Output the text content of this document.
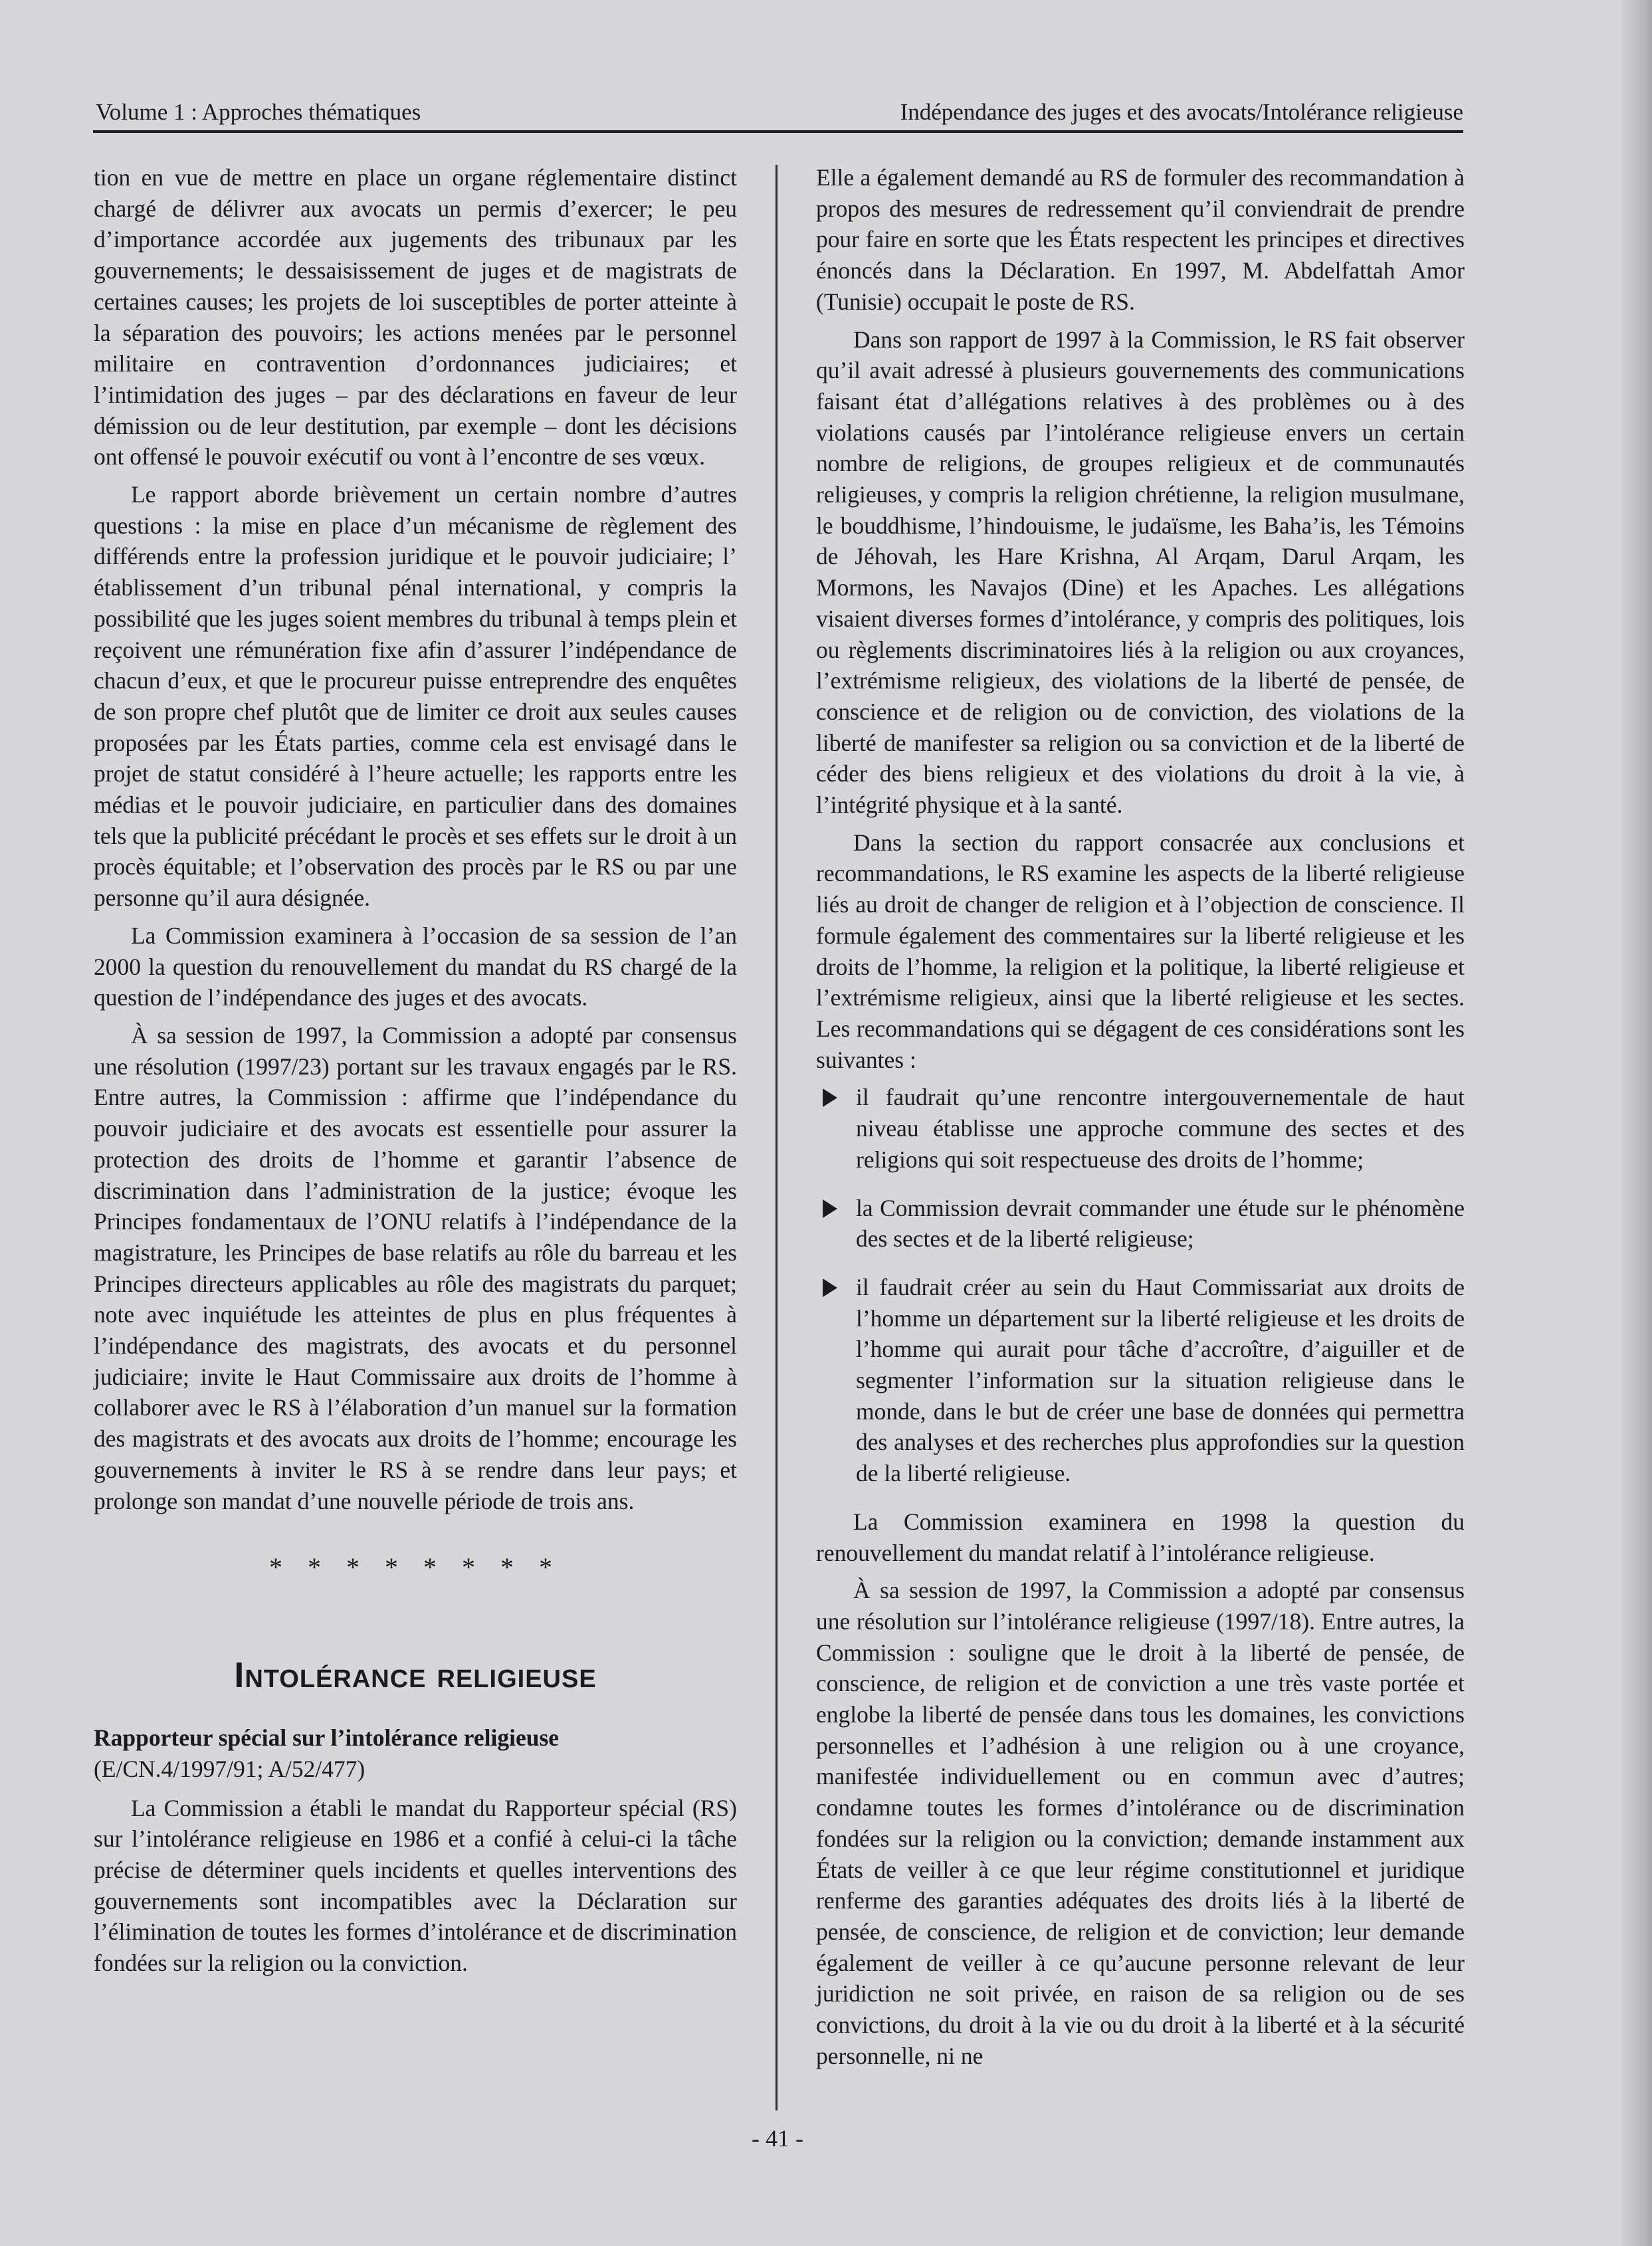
Volume 1 : Approches thématiques	Indépendance des juges et des avocats/Intolérance religieuse

tion en vue de mettre en place un organe réglementaire distinct chargé de délivrer aux avocats un permis d’exercer; le peu d’importance accordée aux jugements des tribunaux par les gouvernements; le dessaisissement de juges et de magistrats de certaines causes; les projets de loi susceptibles de porter atteinte à la séparation des pouvoirs; les actions menées par le personnel militaire en contravention d’ordonnances judiciaires; et l’intimidation des juges – par des déclarations en faveur de leur démission ou de leur destitution, par exemple – dont les décisions ont offensé le pouvoir exécutif ou vont à l’encontre de ses vœux.

Le rapport aborde brièvement un certain nombre d’autres questions : la mise en place d’un mécanisme de règlement des différends entre la profession juridique et le pouvoir judiciaire; l’ établissement d’un tribunal pénal international, y compris la possibilité que les juges soient membres du tribunal à temps plein et reçoivent une rémunération fixe afin d’assurer l’indépendance de chacun d’eux, et que le procureur puisse entreprendre des enquêtes de son propre chef plutôt que de limiter ce droit aux seules causes proposées par les États parties, comme cela est envisagé dans le projet de statut considéré à l’heure actuelle; les rapports entre les médias et le pouvoir judiciaire, en particulier dans des domaines tels que la publicité précédant le procès et ses effets sur le droit à un procès équitable; et l’observation des procès par le RS ou par une personne qu’il aura désignée.

La Commission examinera à l’occasion de sa session de l’an 2000 la question du renouvellement du mandat du RS chargé de la question de l’indépendance des juges et des avocats.

À sa session de 1997, la Commission a adopté par consensus une résolution (1997/23) portant sur les travaux engagés par le RS. Entre autres, la Commission : affirme que l’indépendance du pouvoir judiciaire et des avocats est essentielle pour assurer la protection des droits de l’homme et garantir l’absence de discrimination dans l’administration de la justice; évoque les Principes fondamentaux de l’ONU relatifs à l’indépendance de la magistrature, les Principes de base relatifs au rôle du barreau et les Principes directeurs applicables au rôle des magistrats du parquet; note avec inquiétude les atteintes de plus en plus fréquentes à l’indépendance des magistrats, des avocats et du personnel judiciaire; invite le Haut Commissaire aux droits de l’homme à collaborer avec le RS à l’élaboration d’un manuel sur la formation des magistrats et des avocats aux droits de l’homme; encourage les gouvernements à inviter le RS à se rendre dans leur pays; et prolonge son mandat d’une nouvelle période de trois ans.

* * * * * * * *
Intolérance religieuse
Rapporteur spécial sur l’intolérance religieuse
(E/CN.4/1997/91; A/52/477)

La Commission a établi le mandat du Rapporteur spécial (RS) sur l’intolérance religieuse en 1986 et a confié à celui-ci la tâche précise de déterminer quels incidents et quelles interventions des gouvernements sont incompatibles avec la Déclaration sur l’élimination de toutes les formes d’intolérance et de discrimination fondées sur la religion ou la conviction.

Elle a également demandé au RS de formuler des recommandation à propos des mesures de redressement qu’il conviendrait de prendre pour faire en sorte que les États respectent les principes et directives énoncés dans la Déclaration. En 1997, M. Abdelfattah Amor (Tunisie) occupait le poste de RS.

Dans son rapport de 1997 à la Commission, le RS fait observer qu’il avait adressé à plusieurs gouvernements des communications faisant état d’allégations relatives à des problèmes ou à des violations causés par l’intolérance religieuse envers un certain nombre de religions, de groupes religieux et de communautés religieuses, y compris la religion chrétienne, la religion musulmane, le bouddhisme, l’hindouisme, le judaïsme, les Baha’is, les Témoins de Jéhovah, les Hare Krishna, Al Arqam, Darul Arqam, les Mormons, les Navajos (Dine) et les Apaches. Les allégations visaient diverses formes d’intolérance, y compris des politiques, lois ou règlements discriminatoires liés à la religion ou aux croyances, l’extrémisme religieux, des violations de la liberté de pensée, de conscience et de religion ou de conviction, des violations de la liberté de manifester sa religion ou sa conviction et de la liberté de céder des biens religieux et des violations du droit à la vie, à l’intégrité physique et à la santé.

Dans la section du rapport consacrée aux conclusions et recommandations, le RS examine les aspects de la liberté religieuse liés au droit de changer de religion et à l’objection de conscience. Il formule également des commentaires sur la liberté religieuse et les droits de l’homme, la religion et la politique, la liberté religieuse et l’extrémisme religieux, ainsi que la liberté religieuse et les sectes. Les recommandations qui se dégagent de ces considérations sont les suivantes :

il faudrait qu’une rencontre intergouvernementale de haut niveau établisse une approche commune des sectes et des religions qui soit respectueuse des droits de l’homme;
la Commission devrait commander une étude sur le phénomène des sectes et de la liberté religieuse;
il faudrait créer au sein du Haut Commissariat aux droits de l’homme un département sur la liberté religieuse et les droits de l’homme qui aurait pour tâche d’accroître, d’aiguiller et de segmenter l’information sur la situation religieuse dans le monde, dans le but de créer une base de données qui permettra des analyses et des recherches plus approfondies sur la question de la liberté religieuse.

La Commission examinera en 1998 la question du renouvellement du mandat relatif à l’intolérance religieuse.

À sa session de 1997, la Commission a adopté par consensus une résolution sur l’intolérance religieuse (1997/18). Entre autres, la Commission : souligne que le droit à la liberté de pensée, de conscience, de religion et de conviction a une très vaste portée et englobe la liberté de pensée dans tous les domaines, les convictions personnelles et l’adhésion à une religion ou à une croyance, manifestée individuellement ou en commun avec d’autres; condamne toutes les formes d’intolérance ou de discrimination fondées sur la religion ou la conviction; demande instamment aux États de veiller à ce que leur régime constitutionnel et juridique renferme des garanties adéquates des droits liés à la liberté de pensée, de conscience, de religion et de conviction; leur demande également de veiller à ce qu’aucune personne relevant de leur juridiction ne soit privée, en raison de sa religion ou de ses convictions, du droit à la vie ou du droit à la liberté et à la sécurité personnelle, ni ne

- 41 -
